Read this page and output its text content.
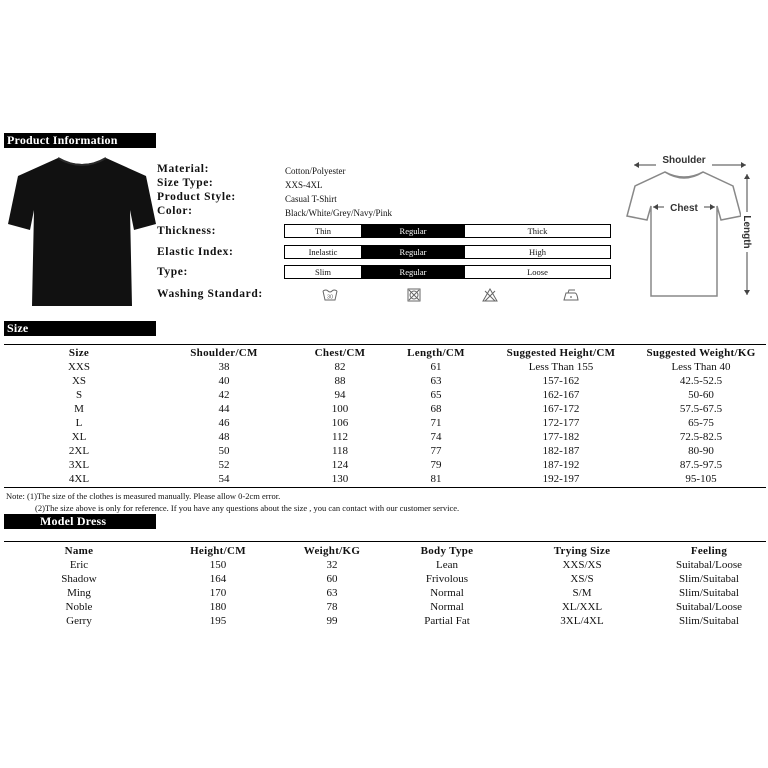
Product Information
Material:	Cotton/Polyester
Size Type:	XXS-4XL
Product Style:	Casual T-Shirt
Color:	Black/White/Grey/Navy/Pink
Thickness:	Thin	Regular	Thick
Elastic Index:	Inelastic	Regular	High
Type:	Slim	Regular	Loose
Washing Standard:	30
Shoulder
Chest
Length
Size
Size	Shoulder/CM	Chest/CM	Length/CM	Suggested Height/CM	Suggested Weight/KG
XXS	38	82	61	Less Than 155	Less Than 40
XS	40	88	63	157-162	42.5-52.5
S	42	94	65	162-167	50-60
M	44	100	68	167-172	57.5-67.5
L	46	106	71	172-177	65-75
XL	48	112	74	177-182	72.5-82.5
2XL	50	118	77	182-187	80-90
3XL	52	124	79	187-192	87.5-97.5
4XL	54	130	81	192-197	95-105
Note: (1)The size of the clothes is measured manually. Please allow 0-2cm error.
(2)The size above is only for reference. If you have any questions about the size , you can contact with our customer service.
Model Dress
Name	Height/CM	Weight/KG	Body Type	Trying Size	Feeling
Eric	150	32	Lean	XXS/XS	Suitabal/Loose
Shadow	164	60	Frivolous	XS/S	Slim/Suitabal
Ming	170	63	Normal	S/M	Slim/Suitabal
Noble	180	78	Normal	XL/XXL	Suitabal/Loose
Gerry	195	99	Partial Fat	3XL/4XL	Slim/Suitabal
